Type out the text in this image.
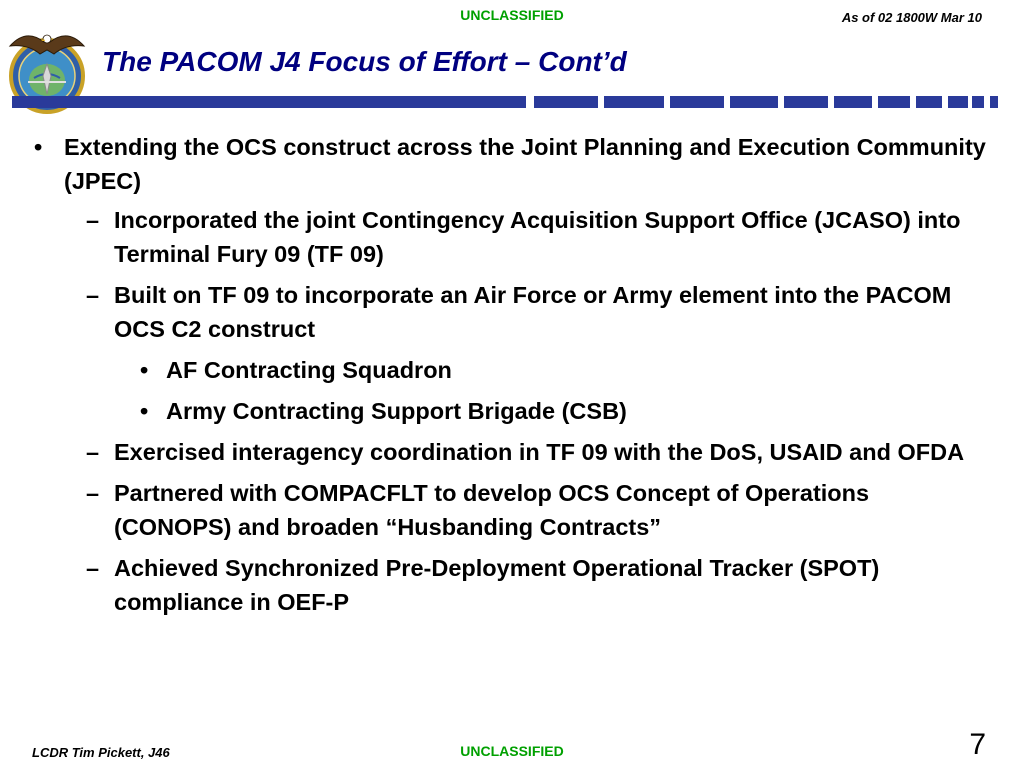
UNCLASSIFIED	As of 02 1800W Mar 10
The PACOM J4 Focus of Effort – Cont’d

• Extending the OCS construct across the Joint Planning and Execution Community (JPEC)

– Incorporated the joint Contingency Acquisition Support Office (JCASO) into Terminal Fury 09 (TF 09)

– Built on TF 09 to incorporate an Air Force or Army element into the PACOM OCS C2 construct

• AF Contracting Squadron

• Army Contracting Support Brigade (CSB)

– Exercised interagency coordination in TF 09 with the DoS, USAID and OFDA

– Partnered with COMPACFLT to develop OCS Concept of Operations (CONOPS) and broaden “Husbanding Contracts”

– Achieved Synchronized Pre-Deployment Operational Tracker (SPOT) compliance in OEF-P

LCDR Tim Pickett, J46	UNCLASSIFIED	7
